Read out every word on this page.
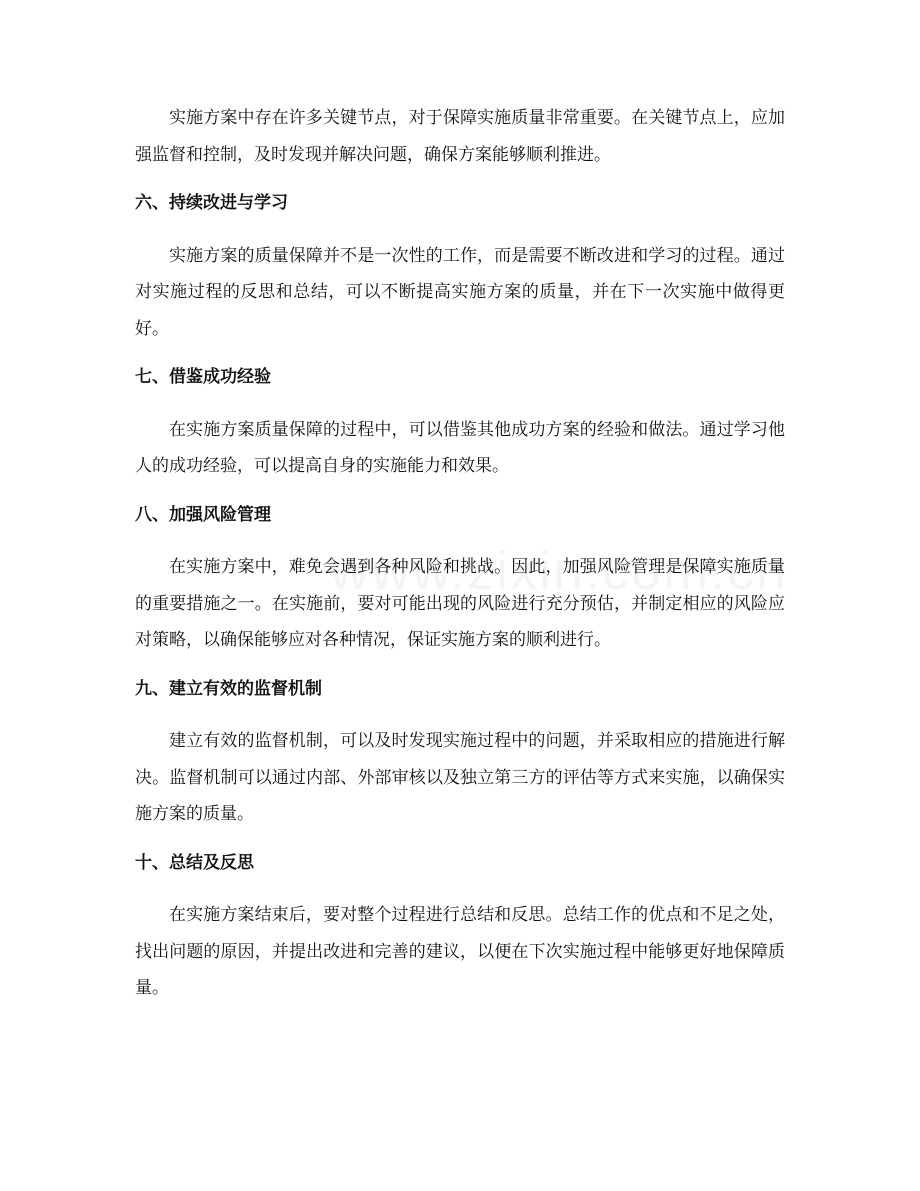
实施方案中存在许多关键节点，对于保障实施质量非常重要。在关键节点上，应加强监督和控制，及时发现并解决问题，确保方案能够顺利推进。

六、持续改进与学习

实施方案的质量保障并不是一次性的工作，而是需要不断改进和学习的过程。通过对实施过程的反思和总结，可以不断提高实施方案的质量，并在下一次实施中做得更好。

七、借鉴成功经验

在实施方案质量保障的过程中，可以借鉴其他成功方案的经验和做法。通过学习他人的成功经验，可以提高自身的实施能力和效果。

八、加强风险管理

在实施方案中，难免会遇到各种风险和挑战。因此，加强风险管理是保障实施质量的重要措施之一。在实施前，要对可能出现的风险进行充分预估，并制定相应的风险应对策略，以确保能够应对各种情况，保证实施方案的顺利进行。

九、建立有效的监督机制

建立有效的监督机制，可以及时发现实施过程中的问题，并采取相应的措施进行解决。监督机制可以通过内部、外部审核以及独立第三方的评估等方式来实施，以确保实施方案的质量。

十、总结及反思

在实施方案结束后，要对整个过程进行总结和反思。总结工作的优点和不足之处，找出问题的原因，并提出改进和完善的建议，以便在下次实施过程中能够更好地保障质量。
